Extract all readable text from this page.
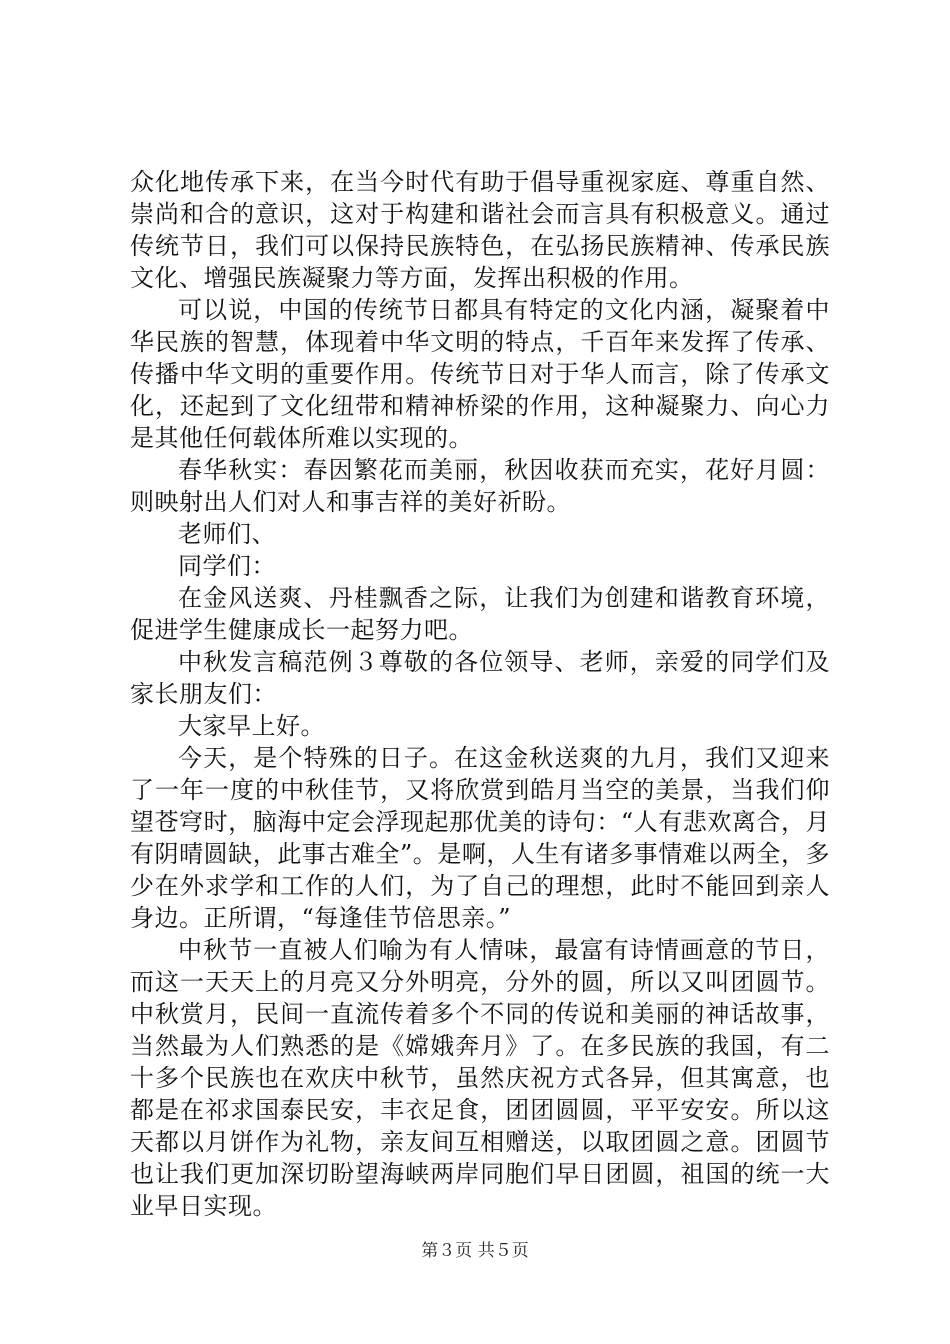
众化地传承下来，在当今时代有助于倡导重视家庭、尊重自然、崇尚和合的意识，这对于构建和谐社会而言具有积极意义。通过传统节日，我们可以保持民族特色，在弘扬民族精神、传承民族文化、增强民族凝聚力等方面，发挥出积极的作用。

可以说，中国的传统节日都具有特定的文化内涵，凝聚着中华民族的智慧，体现着中华文明的特点，千百年来发挥了传承、传播中华文明的重要作用。传统节日对于华人而言，除了传承文化，还起到了文化纽带和精神桥梁的作用，这种凝聚力、向心力是其他任何载体所难以实现的。

春华秋实：春因繁花而美丽，秋因收获而充实，花好月圆：则映射出人们对人和事吉祥的美好祈盼。

老师们、

同学们：

在金风送爽、丹桂飘香之际，让我们为创建和谐教育环境，促进学生健康成长一起努力吧。

中秋发言稿范例３尊敬的各位领导、老师，亲爱的同学们及家长朋友们：

大家早上好。

今天，是个特殊的日子。在这金秋送爽的九月，我们又迎来了一年一度的中秋佳节，又将欣赏到皓月当空的美景，当我们仰望苍穹时，脑海中定会浮现起那优美的诗句：“人有悲欢离合，月有阴晴圆缺，此事古难全”。是啊，人生有诸多事情难以两全，多少在外求学和工作的人们，为了自己的理想，此时不能回到亲人身边。正所谓，“每逢佳节倍思亲。”

中秋节一直被人们喻为有人情味，最富有诗情画意的节日，而这一天天上的月亮又分外明亮，分外的圆，所以又叫团圆节。中秋赏月，民间一直流传着多个不同的传说和美丽的神话故事，当然最为人们熟悉的是《嫦娥奔月》了。在多民族的我国，有二十多个民族也在欢庆中秋节，虽然庆祝方式各异，但其寓意，也都是在祁求国泰民安，丰衣足食，团团圆圆，平平安安。所以这天都以月饼作为礼物，亲友间互相赠送，以取团圆之意。团圆节也让我们更加深切盼望海峡两岸同胞们早日团圆，祖国的统一大业早日实现。

第３页 共５页
